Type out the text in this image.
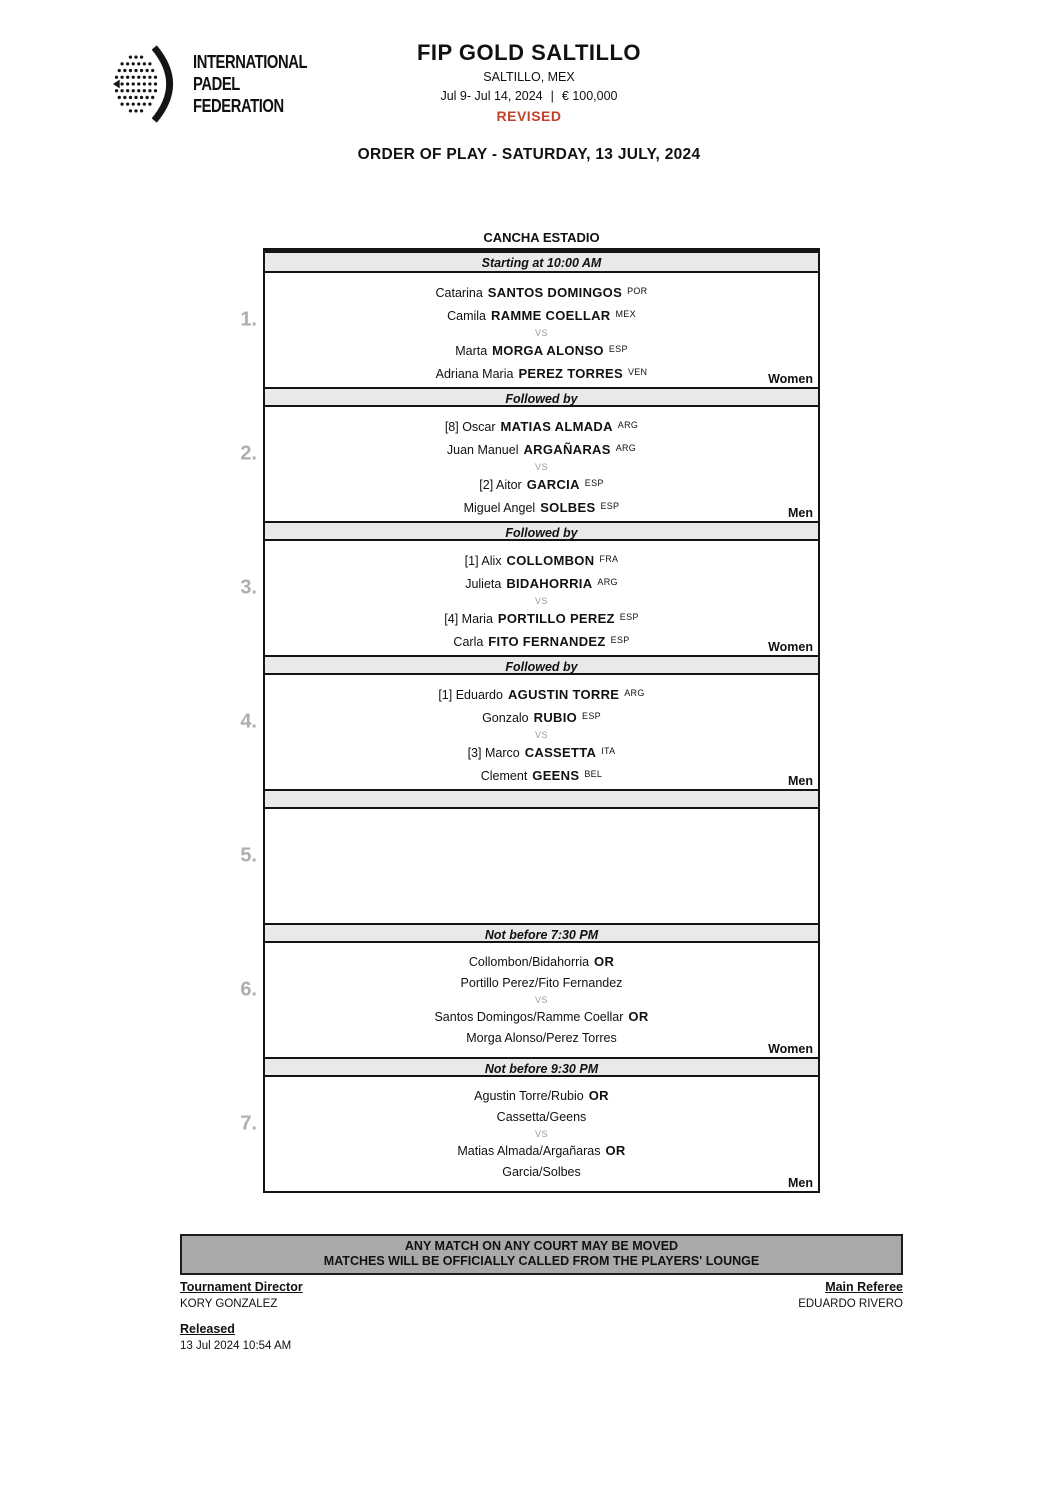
INTERNATIONAL
PADEL
FEDERATION
FIP GOLD SALTILLO
SALTILLO, MEX
Jul 9- Jul 14, 2024 | € 100,000
REVISED
ORDER OF PLAY - SATURDAY, 13 JULY, 2024
CANCHA ESTADIO
1.
Starting at 10:00 AM
Catarina SANTOS DOMINGOS $^{POR}$
Camila RAMME COELLAR $^{MEX}$
VS
Marta MORGA ALONSO $^{ESP}$
Adriana Maria PEREZ TORRES $^{VEN}$	Women
2.
Followed by
[8] Oscar MATIAS ALMADA $^{ARG}$
Juan Manuel ARGAÑARAS $^{ARG}$
VS
[2] Aitor GARCIA $^{ESP}$
Miguel Angel SOLBES $^{ESP}$	Men
3.
Followed by
[1] Alix COLLOMBON $^{FRA}$
Julieta BIDAHORRIA $^{ARG}$
VS
[4] Maria PORTILLO PEREZ $^{ESP}$
Carla FITO FERNANDEZ $^{ESP}$	Women
4.
Followed by
[1] Eduardo AGUSTIN TORRE $^{ARG}$
Gonzalo RUBIO $^{ESP}$
VS
[3] Marco CASSETTA $^{ITA}$
Clement GEENS $^{BEL}$	Men
5.
6.
Not before 7:30 PM
Collombon/Bidahorria OR
Portillo Perez/Fito Fernandez
VS
Santos Domingos/Ramme Coellar OR
Morga Alonso/Perez Torres
Women
7.
Not before 9:30 PM
Agustin Torre/Rubio OR
Cassetta/Geens
VS
Matias Almada/Argañaras OR
Garcia/Solbes
Men
ANY MATCH ON ANY COURT MAY BE MOVED
MATCHES WILL BE OFFICIALLY CALLED FROM THE PLAYERS' LOUNGE
Tournament Director
KORY GONZALEZ
Main Referee
EDUARDO RIVERO
Released
13 Jul 2024 10:54 AM
